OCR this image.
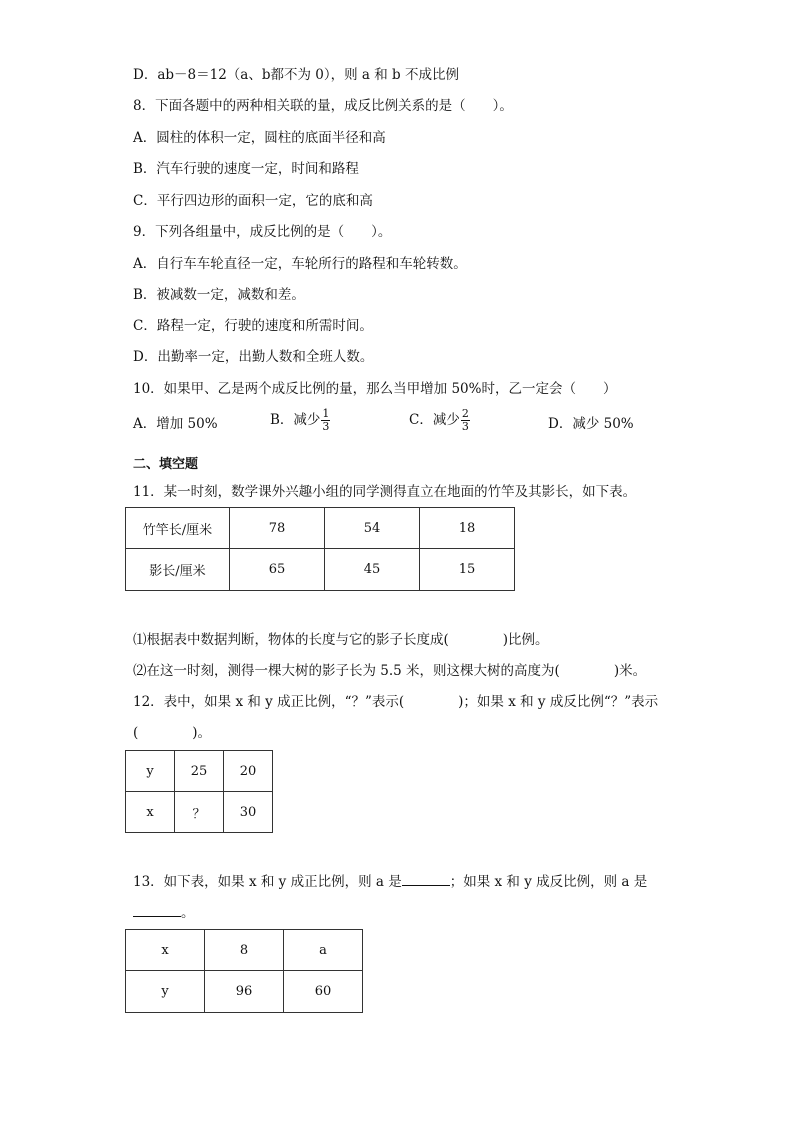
D．ab－8＝12（a、b都不为 0），则 a 和 b 不成比例
8．下面各题中的两种相关联的量，成反比例关系的是（　　）。
A．圆柱的体积一定，圆柱的底面半径和高
B．汽车行驶的速度一定，时间和路程
C．平行四边形的面积一定，它的底和高
9．下列各组量中，成反比例的是（　　）。
A．自行车车轮直径一定，车轮所行的路程和车轮转数。
B．被减数一定，减数和差。
C．路程一定，行驶的速度和所需时间。
D．出勤率一定，出勤人数和全班人数。
10．如果甲、乙是两个成反比例的量，那么当甲增加 50%时，乙一定会（　　）
A．增加 50%	B．减少 $\frac{1}{3}$	C．减少 $\frac{2}{3}$	D．减少 50%
二、填空题
11．某一时刻，数学课外兴趣小组的同学测得直立在地面的竹竿及其影长，如下表。
竹竿长/厘米	78	54	18
影长/厘米	65	45	15
⑴根据表中数据判断，物体的长度与它的影子长度成(　　　　)比例。
⑵在这一时刻，测得一棵大树的影子长为 5.5 米，则这棵大树的高度为(　　　　)米。
12．表中，如果 x 和 y 成正比例，“？”表示(　　　　)；如果 x 和 y 成反比例“？”表示
(　　　　)。
y	25	20
x	？	30
13．如下表，如果 x 和 y 成正比例，则 a 是	；如果 x 和 y 成反比例，则 a 是
。
x	8	a
y	96	60
